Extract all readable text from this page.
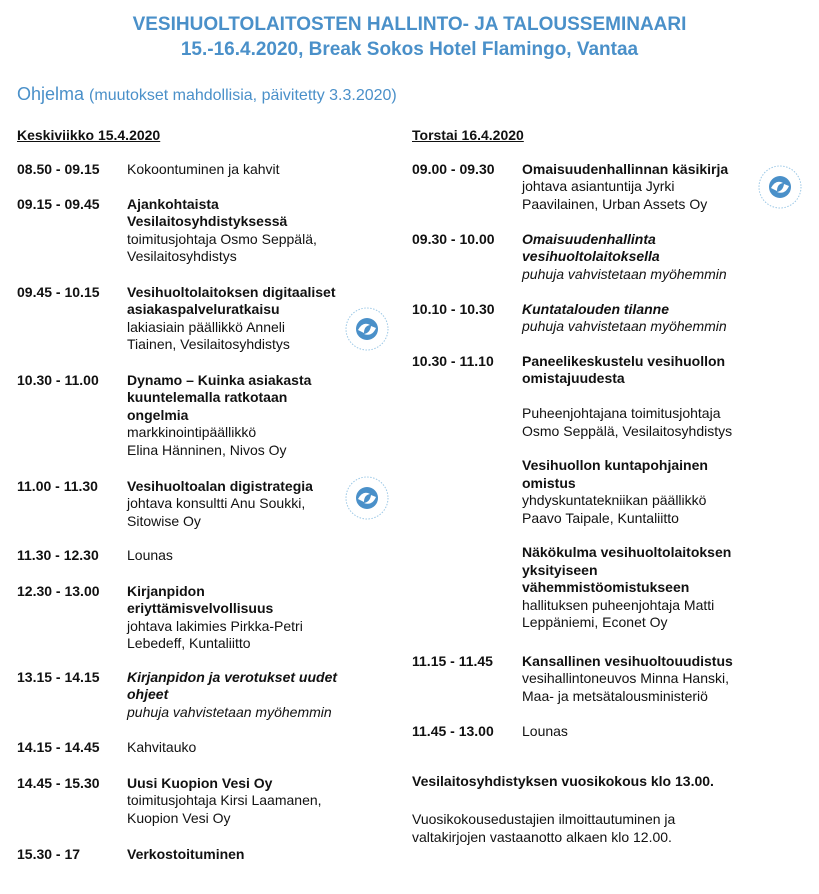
VESIHUOLTOLAITOSTEN HALLINTO- JA TALOUSSEMINAARI
15.-16.4.2020, Break Sokos Hotel Flamingo, Vantaa
Ohjelma (muutokset mahdollisia, päivitetty 3.3.2020)
Keskiviikko 15.4.2020	Torstai 16.4.2020
08.50 - 09.15 Kokoontuminen ja kahvit
09.15 - 09.45 Ajankohtaista
Vesilaitosyhdistyksessä
toimitusjohtaja Osmo Seppälä,
Vesilaitosyhdistys
09.45 - 10.15 Vesihuoltolaitoksen digitaaliset
asiakaspalveluratkaisu
lakiasiain päällikkö Anneli
Tiainen, Vesilaitosyhdistys
10.30 - 11.00 Dynamo – Kuinka asiakasta
kuuntelemalla ratkotaan
ongelmia
markkinointipäällikkö
Elina Hänninen, Nivos Oy
11.00 - 11.30 Vesihuoltoalan digistrategia
johtava konsultti Anu Soukki,
Sitowise Oy
11.30 - 12.30 Lounas
12.30 - 13.00 Kirjanpidon
eriyttämisvelvollisuus
johtava lakimies Pirkka-Petri
Lebedeff, Kuntaliitto
13.15 - 14.15 Kirjanpidon ja verotukset uudet
ohjeet
puhuja vahvistetaan myöhemmin
14.15 - 14.45 Kahvitauko
14.45 - 15.30 Uusi Kuopion Vesi Oy
toimitusjohtaja Kirsi Laamanen,
Kuopion Vesi Oy
15.30 - 17	Verkostoituminen
09.00 - 09.30 Omaisuudenhallinnan käsikirja
johtava asiantuntija Jyrki
Paavilainen, Urban Assets Oy
09.30 - 10.00 Omaisuudenhallinta
vesihuoltolaitoksella
puhuja vahvistetaan myöhemmin
10.10 - 10.30 Kuntatalouden tilanne
puhuja vahvistetaan myöhemmin
10.30 - 11.10 Paneelikeskustelu vesihuollon
omistajuudesta

Puheenjohtajana toimitusjohtaja
Osmo Seppälä, Vesilaitosyhdistys

Vesihuollon kuntapohjainen
omistus
yhdyskuntatekniikan päällikkö
Paavo Taipale, Kuntaliitto

Näkökulma vesihuoltolaitoksen
yksityiseen
vähemmistöomistukseen
hallituksen puheenjohtaja Matti
Leppäniemi, Econet Oy
11.15 - 11.45 Kansallinen vesihuoltouudistus
vesihallintoneuvos Minna Hanski,
Maa- ja metsätalousministeriö
11.45 - 13.00 Lounas
Vesilaitosyhdistyksen vuosikokous klo 13.00.
Vuosikokousedustajien ilmoittautuminen ja
valtakirjojen vastaanotto alkaen klo 12.00.
